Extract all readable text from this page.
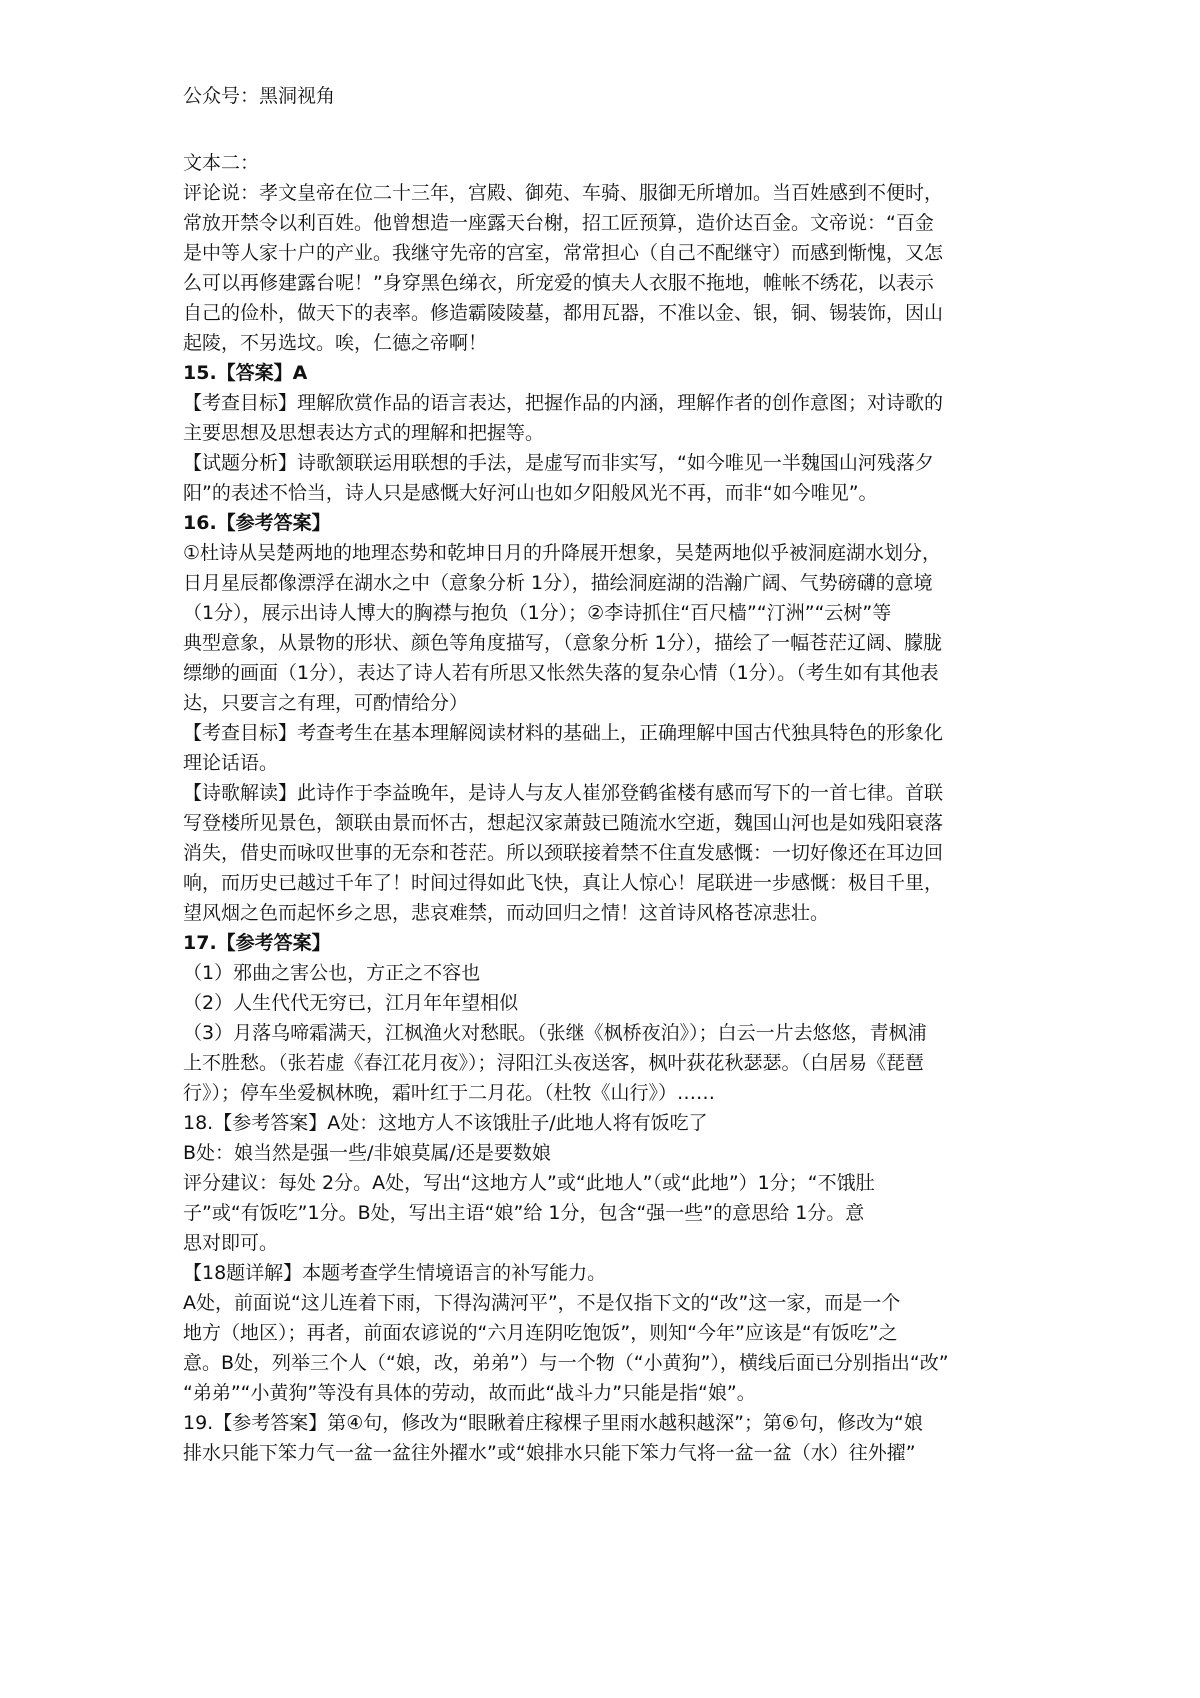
公众号：黑洞视角
文本二：
评论说：孝文皇帝在位二十三年，宫殿、御苑、车骑、服御无所增加。当百姓感到不便时，
常放开禁令以利百姓。他曾想造一座露天台榭，招工匠预算，造价达百金。文帝说：“百金
是中等人家十户的产业。我继守先帝的宫室，常常担心（自己不配继守）而感到惭愧，又怎
么可以再修建露台呢！”身穿黑色绨衣，所宠爱的慎夫人衣服不拖地，帷帐不绣花，以表示
自己的俭朴，做天下的表率。修造霸陵陵墓，都用瓦器，不准以金、银，铜、锡装饰，因山
起陵，不另选坟。唉，仁德之帝啊！
15.【答案】A
【考查目标】理解欣赏作品的语言表达，把握作品的内涵，理解作者的创作意图；对诗歌的
主要思想及思想表达方式的理解和把握等。
【试题分析】诗歌颔联运用联想的手法，是虚写而非实写，“如今唯见一半魏国山河残落夕
阳”的表述不恰当，诗人只是感慨大好河山也如夕阳般风光不再，而非“如今唯见”。
16.【参考答案】
①杜诗从吴楚两地的地理态势和乾坤日月的升降展开想象，吴楚两地似乎被洞庭湖水划分，
日月星辰都像漂浮在湖水之中（意象分析 1分），描绘洞庭湖的浩瀚广阔、气势磅礴的意境
（1分），展示出诗人博大的胸襟与抱负（1分）；②李诗抓住“百尺樯”“汀洲”“云树”等
典型意象，从景物的形状、颜色等角度描写，（意象分析 1分），描绘了一幅苍茫辽阔、朦胧
缥缈的画面（1分），表达了诗人若有所思又怅然失落的复杂心情（1分）。（考生如有其他表
达，只要言之有理，可酌情给分）
【考查目标】考查考生在基本理解阅读材料的基础上，正确理解中国古代独具特色的形象化
理论话语。
【诗歌解读】此诗作于李益晚年，是诗人与友人崔邠登鹤雀楼有感而写下的一首七律。首联
写登楼所见景色，颔联由景而怀古，想起汉家萧鼓已随流水空逝，魏国山河也是如残阳衰落
消失，借史而咏叹世事的无奈和苍茫。所以颈联接着禁不住直发感慨：一切好像还在耳边回
响，而历史已越过千年了！时间过得如此飞快，真让人惊心！尾联进一步感慨：极目千里，
望风烟之色而起怀乡之思，悲哀难禁，而动回归之情！这首诗风格苍凉悲壮。
17.【参考答案】
（1）邪曲之害公也，方正之不容也
（2）人生代代无穷已，江月年年望相似
（3）月落乌啼霜满天，江枫渔火对愁眠。（张继《枫桥夜泊》）；白云一片去悠悠，青枫浦
上不胜愁。（张若虚《春江花月夜》）；浔阳江头夜送客，枫叶荻花秋瑟瑟。（白居易《琵琶
行》）；停车坐爱枫林晚，霜叶红于二月花。（杜牧《山行》）……
18.【参考答案】A处：这地方人不该饿肚子/此地人将有饭吃了
B处：娘当然是强一些/非娘莫属/还是要数娘
评分建议：每处 2分。A处，写出“这地方人”或“此地人”（或“此地”）1分；“不饿肚
子”或“有饭吃”1分。B处，写出主语“娘”给 1分，包含“强一些”的意思给 1分。意
思对即可。
【18题详解】本题考查学生情境语言的补写能力。
A处，前面说“这儿连着下雨，下得沟满河平”，不是仅指下文的“改”这一家，而是一个
地方（地区）；再者，前面农谚说的“六月连阴吃饱饭”，则知“今年”应该是“有饭吃”之
意。B处，列举三个人（“娘，改，弟弟”）与一个物（“小黄狗”），横线后面已分别指出“改”
“弟弟”“小黄狗”等没有具体的劳动，故而此“战斗力”只能是指“娘”。
19.【参考答案】第④句，修改为“眼瞅着庄稼棵子里雨水越积越深”；第⑥句，修改为“娘
排水只能下笨力气一盆一盆往外擢水”或“娘排水只能下笨力气将一盆一盆（水）往外擢”
